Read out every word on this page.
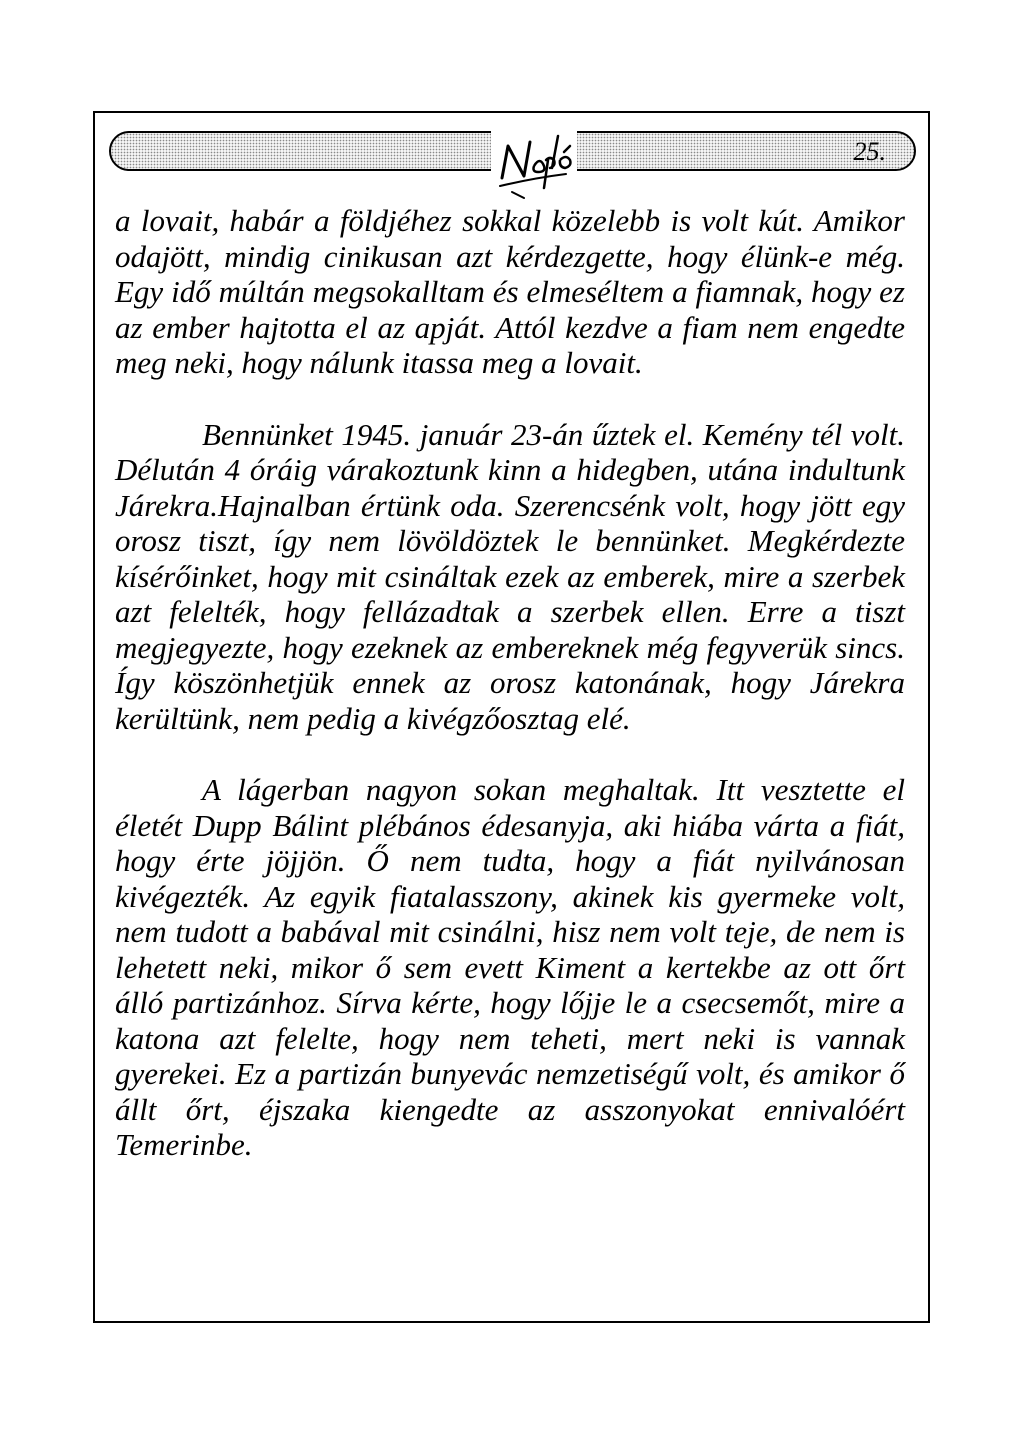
25.

a lovait, habár a földjéhez sokkal közelebb is volt kút. Amikor odajött, mindig cinikusan azt kérdezgette, hogy élünk-e még. Egy idő múltán megsokalltam és elmeséltem a fiamnak, hogy ez az ember hajtotta el az apját. Attól kezdve a fiam nem engedte meg neki, hogy nálunk itassa meg a lovait.

Bennünket 1945. január 23-án űztek el. Kemény tél volt. Délután 4 óráig várakoztunk kinn a hidegben, utána indultunk Járekra.Hajnalban értünk oda. Szerencsénk volt, hogy jött egy orosz tiszt, így nem lövöldöztek le bennünket. Megkérdezte kísérőinket, hogy mit csináltak ezek az emberek, mire a szerbek azt felelték, hogy fellázadtak a szerbek ellen. Erre a tiszt megjegyezte, hogy ezeknek az embereknek még fegyverük sincs. Így köszönhetjük ennek az orosz katonának, hogy Járekra kerültünk, nem pedig a kivégzőosztag elé.

A lágerban nagyon sokan meghaltak. Itt vesztette el életét Dupp Bálint plébános édesanyja, aki hiába várta a fiát, hogy érte jöjjön. Ő nem tudta, hogy a fiát nyilvánosan kivégezték. Az egyik fiatalasszony, akinek kis gyermeke volt, nem tudott a babával mit csinálni, hisz nem volt teje, de nem is lehetett neki, mikor ő sem evett Kiment a kertekbe az ott őrt álló partizánhoz. Sírva kérte, hogy lőjje le a csecsemőt, mire a katona azt felelte, hogy nem teheti, mert neki is vannak gyerekei. Ez a partizán bunyevác nemzetiségű volt, és amikor ő állt őrt, éjszaka kiengedte az asszonyokat ennivalóért Temerinbe.
